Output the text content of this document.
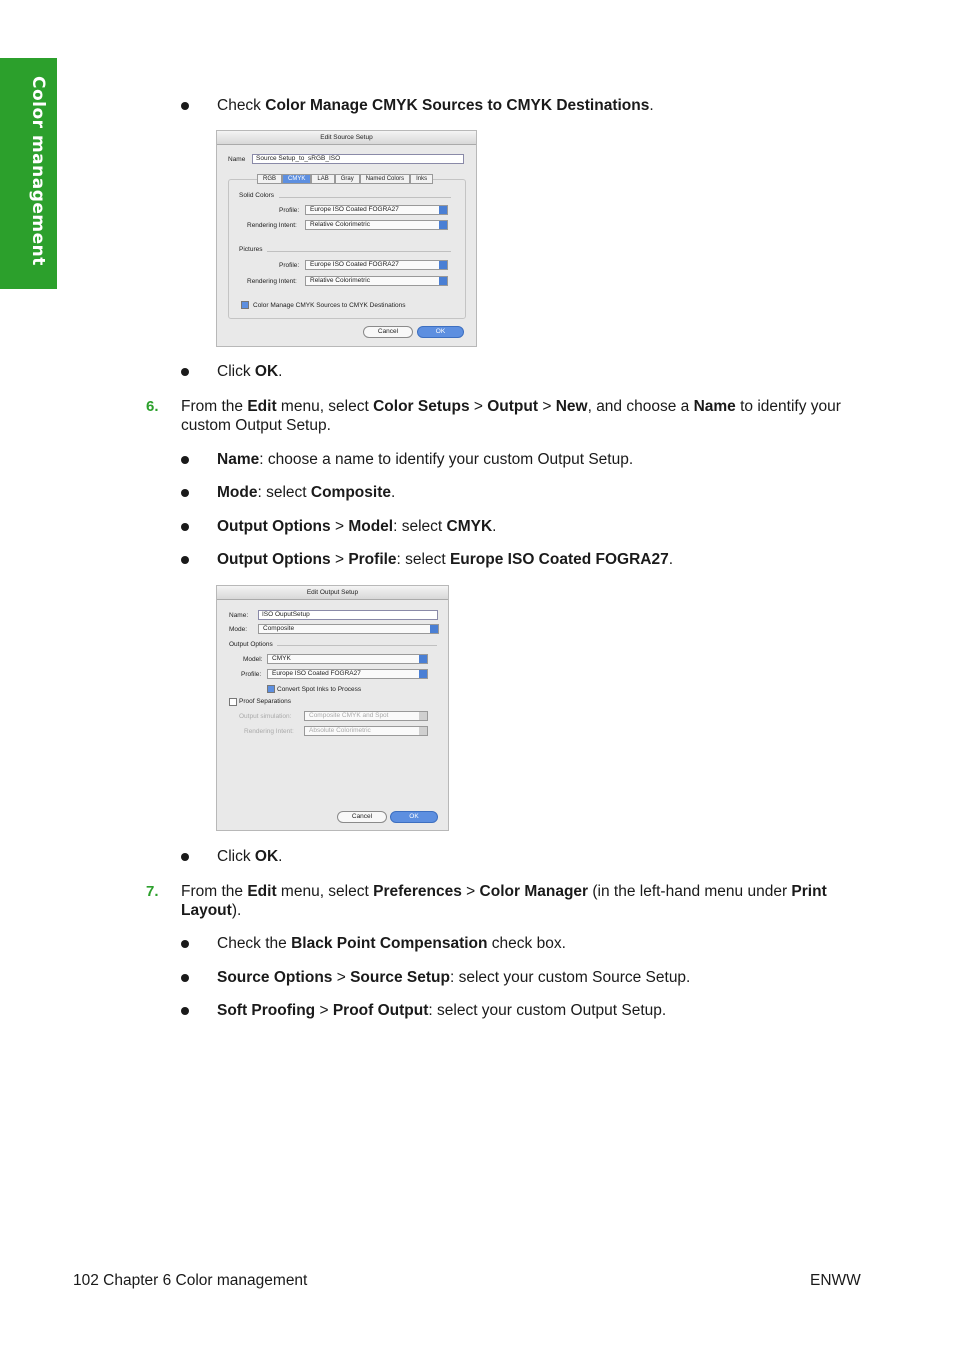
Color management	Check Color Manage CMYK Sources to CMYK Destinations.
Edit Source Setup
Name	Source Setup_to_sRGB_ISO
RGB	CMYK	LAB	Gray	Named Colors	Inks
Solid Colors
Profile:	Europe ISO Coated FOGRA27
Rendering Intent:	Relative Colorimetric
Pictures
Profile:	Europe ISO Coated FOGRA27
Rendering Intent:	Relative Colorimetric
Color Manage CMYK Sources to CMYK Destinations
Cancel	OK
Click OK.
6. From the Edit menu, select Color Setups > Output > New, and choose a Name to identify your
custom Output Setup.
Name: choose a name to identify your custom Output Setup.
Mode: select Composite.
Output Options > Model: select CMYK.
Output Options > Profile: select Europe ISO Coated FOGRA27.
Edit Output Setup
Name:	ISO OuputSetup
Mode:	Composite
Output Options
Model:	CMYK
Profile:	Europe ISO Coated FOGRA27
Convert Spot Inks to Process
Proof Separations
Output simulation:	Composite CMYK and Spot
Rendering Intent:	Absolute Colorimetric
Cancel	OK
Click OK.
7. From the Edit menu, select Preferences > Color Manager (in the left-hand menu under Print
Layout).
Check the Black Point Compensation check box.
Source Options > Source Setup: select your custom Source Setup.
Soft Proofing > Proof Output: select your custom Output Setup.
102 Chapter 6 Color management	ENWW
